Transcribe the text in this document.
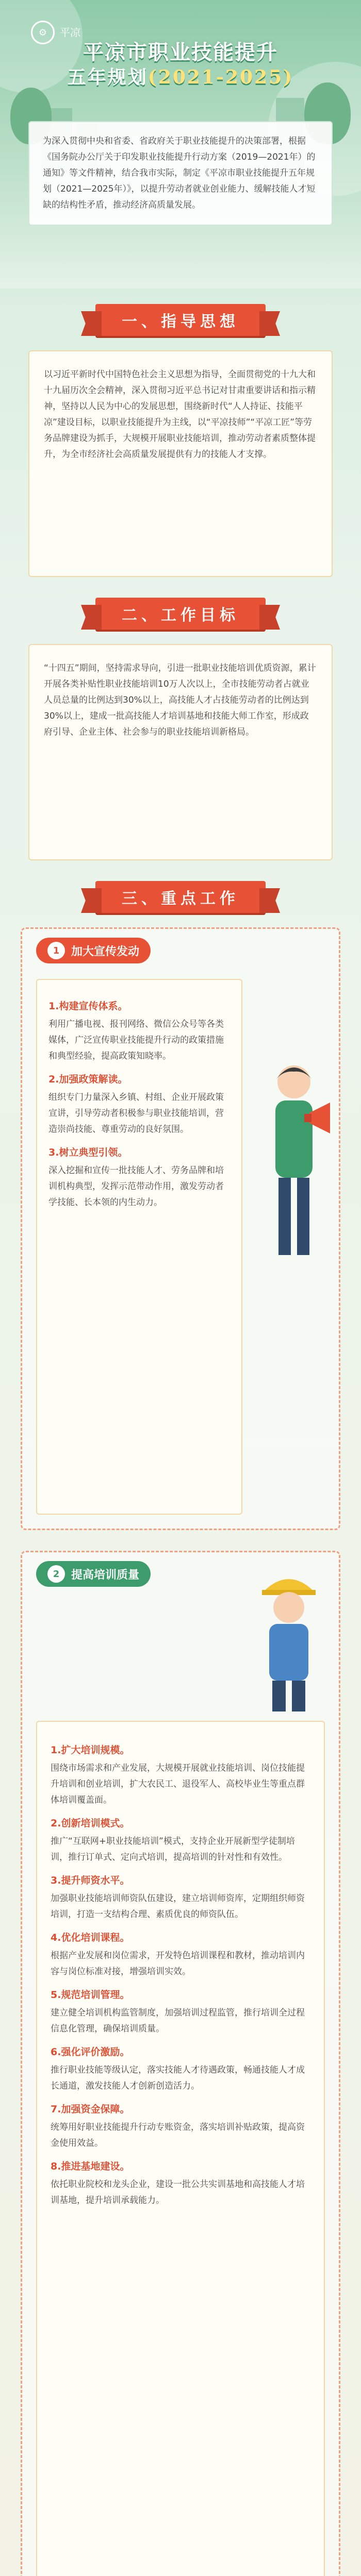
⚙	平凉
平凉市职业技能提升
五年规划(2021-2025)
为深入贯彻中央和省委、省政府关于职业技能提升的决策部署，根据《国务院办公厅关于印发职业技能提升行动方案（2019—2021年）的通知》等文件精神，结合我市实际，制定《平凉市职业技能提升五年规划（2021—2025年）》，以提升劳动者就业创业能力、缓解技能人才短缺的结构性矛盾，推动经济高质量发展。
一、指导思想
以习近平新时代中国特色社会主义思想为指导，全面贯彻党的十九大和十九届历次全会精神，深入贯彻习近平总书记对甘肃重要讲话和指示精神，坚持以人民为中心的发展思想，围绕新时代“人人持证、技能平凉”建设目标，以职业技能提升为主线，以“平凉技师”“平凉工匠”等劳务品牌建设为抓手，大规模开展职业技能培训，推动劳动者素质整体提升，为全市经济社会高质量发展提供有力的技能人才支撑。
二、工作目标
“十四五”期间，坚持需求导向，引进一批职业技能培训优质资源，累计开展各类补贴性职业技能培训10万人次以上，全市技能劳动者占就业人员总量的比例达到30%以上，高技能人才占技能劳动者的比例达到30%以上，建成一批高技能人才培训基地和技能大师工作室，形成政府引导、企业主体、社会参与的职业技能培训新格局。
三、重点工作
1	加大宣传发动
1.构建宣传体系。
利用广播电视、报刊网络、微信公众号等各类媒体，广泛宣传职业技能提升行动的政策措施和典型经验，提高政策知晓率。
2.加强政策解读。
组织专门力量深入乡镇、村组、企业开展政策宣讲，引导劳动者积极参与职业技能培训，营造崇尚技能、尊重劳动的良好氛围。
3.树立典型引领。
深入挖掘和宣传一批技能人才、劳务品牌和培训机构典型，发挥示范带动作用，激发劳动者学技能、长本领的内生动力。
2	提高培训质量
1.扩大培训规模。
围绕市场需求和产业发展，大规模开展就业技能培训、岗位技能提升培训和创业培训，扩大农民工、退役军人、高校毕业生等重点群体培训覆盖面。
2.创新培训模式。
推广“互联网+职业技能培训”模式，支持企业开展新型学徒制培训，推行订单式、定向式培训，提高培训的针对性和有效性。
3.提升师资水平。
加强职业技能培训师资队伍建设，建立培训师资库，定期组织师资培训，打造一支结构合理、素质优良的师资队伍。
4.优化培训课程。
根据产业发展和岗位需求，开发特色培训课程和教材，推动培训内容与岗位标准对接，增强培训实效。
5.规范培训管理。
建立健全培训机构监管制度，加强培训过程监管，推行培训全过程信息化管理，确保培训质量。
6.强化评价激励。
推行职业技能等级认定，落实技能人才待遇政策，畅通技能人才成长通道，激发技能人才创新创造活力。
7.加强资金保障。
统筹用好职业技能提升行动专账资金，落实培训补贴政策，提高资金使用效益。
8.推进基地建设。
依托职业院校和龙头企业，建设一批公共实训基地和高技能人才培训基地，提升培训承载能力。
